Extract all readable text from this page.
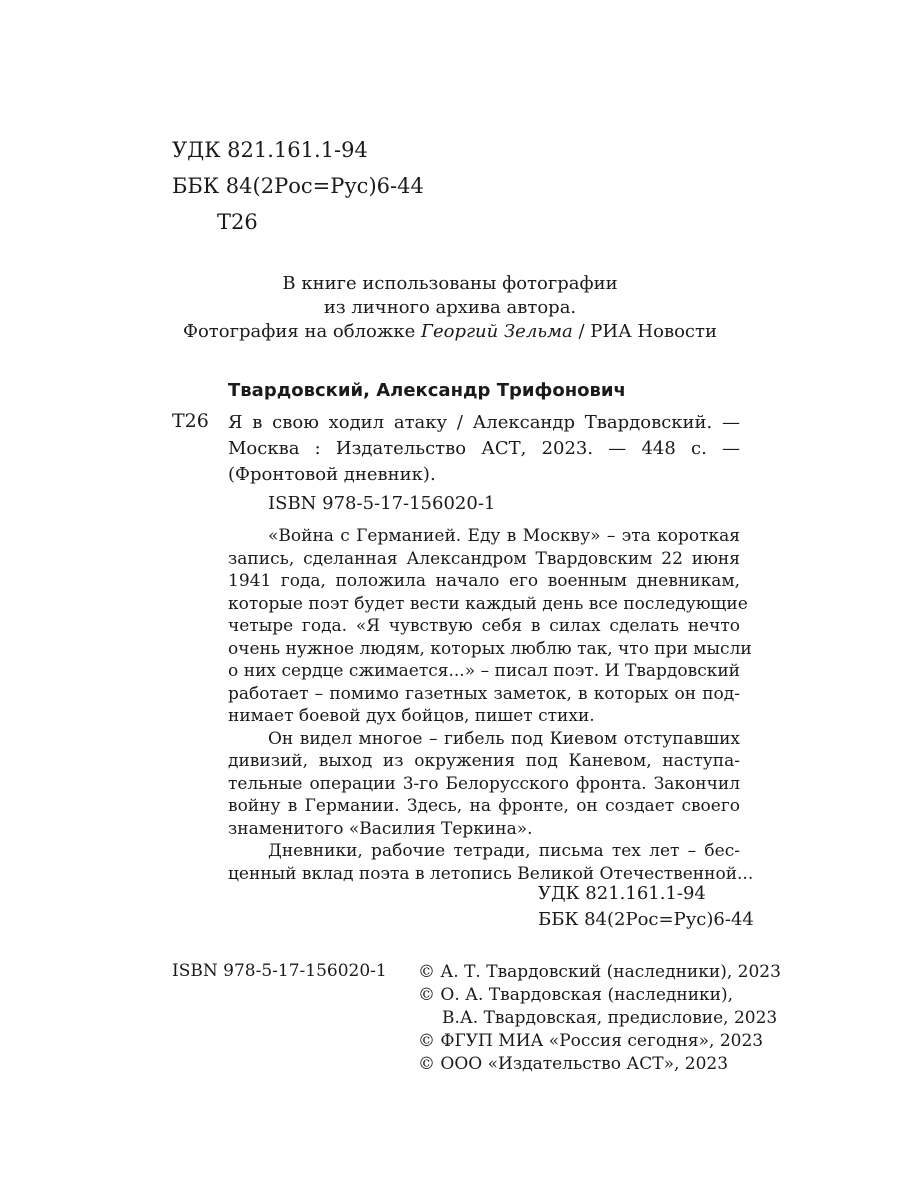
УДК 821.161.1-94
ББК 84(2Рос=Рус)6-44
Т26
В книге использованы фотографии
из личного архива автора.
Фотография на обложке Георгий Зельма / РИА Новости
Твардовский, Александр Трифонович
Т26 Я в свою ходил атаку / Александр Твардовский. —
Москва : Издательство АСТ, 2023. — 448 с. —
(Фронтовой дневник).
ISBN 978-5-17-156020-1
«Война с Германией. Еду в Москву» – эта короткая
запись, сделанная Александром Твардовским 22 июня
1941 года, положила начало его военным дневникам,
которые поэт будет вести каждый день все последующие
четыре года. «Я чувствую себя в силах сделать нечто
очень нужное людям, которых люблю так, что при мысли
о них сердце сжимается...» – писал поэт. И Твардовский
работает – помимо газетных заметок, в которых он под-
нимает боевой дух бойцов, пишет стихи.
Он видел многое – гибель под Киевом отступавших
дивизий, выход из окружения под Каневом, наступа-
тельные операции 3-го Белорусского фронта. Закончил
войну в Германии. Здесь, на фронте, он создает своего
знаменитого «Василия Теркина».
Дневники, рабочие тетради, письма тех лет – бес-
ценный вклад поэта в летопись Великой Отечественной...
УДК 821.161.1-94
ББК 84(2Рос=Рус)6-44
ISBN 978-5-17-156020-1 © А. Т. Твардовский (наследники), 2023
© О. А. Твардовская (наследники),
В.А. Твардовская, предисловие, 2023
© ФГУП МИА «Россия сегодня», 2023
© ООО «Издательство АСТ», 2023
